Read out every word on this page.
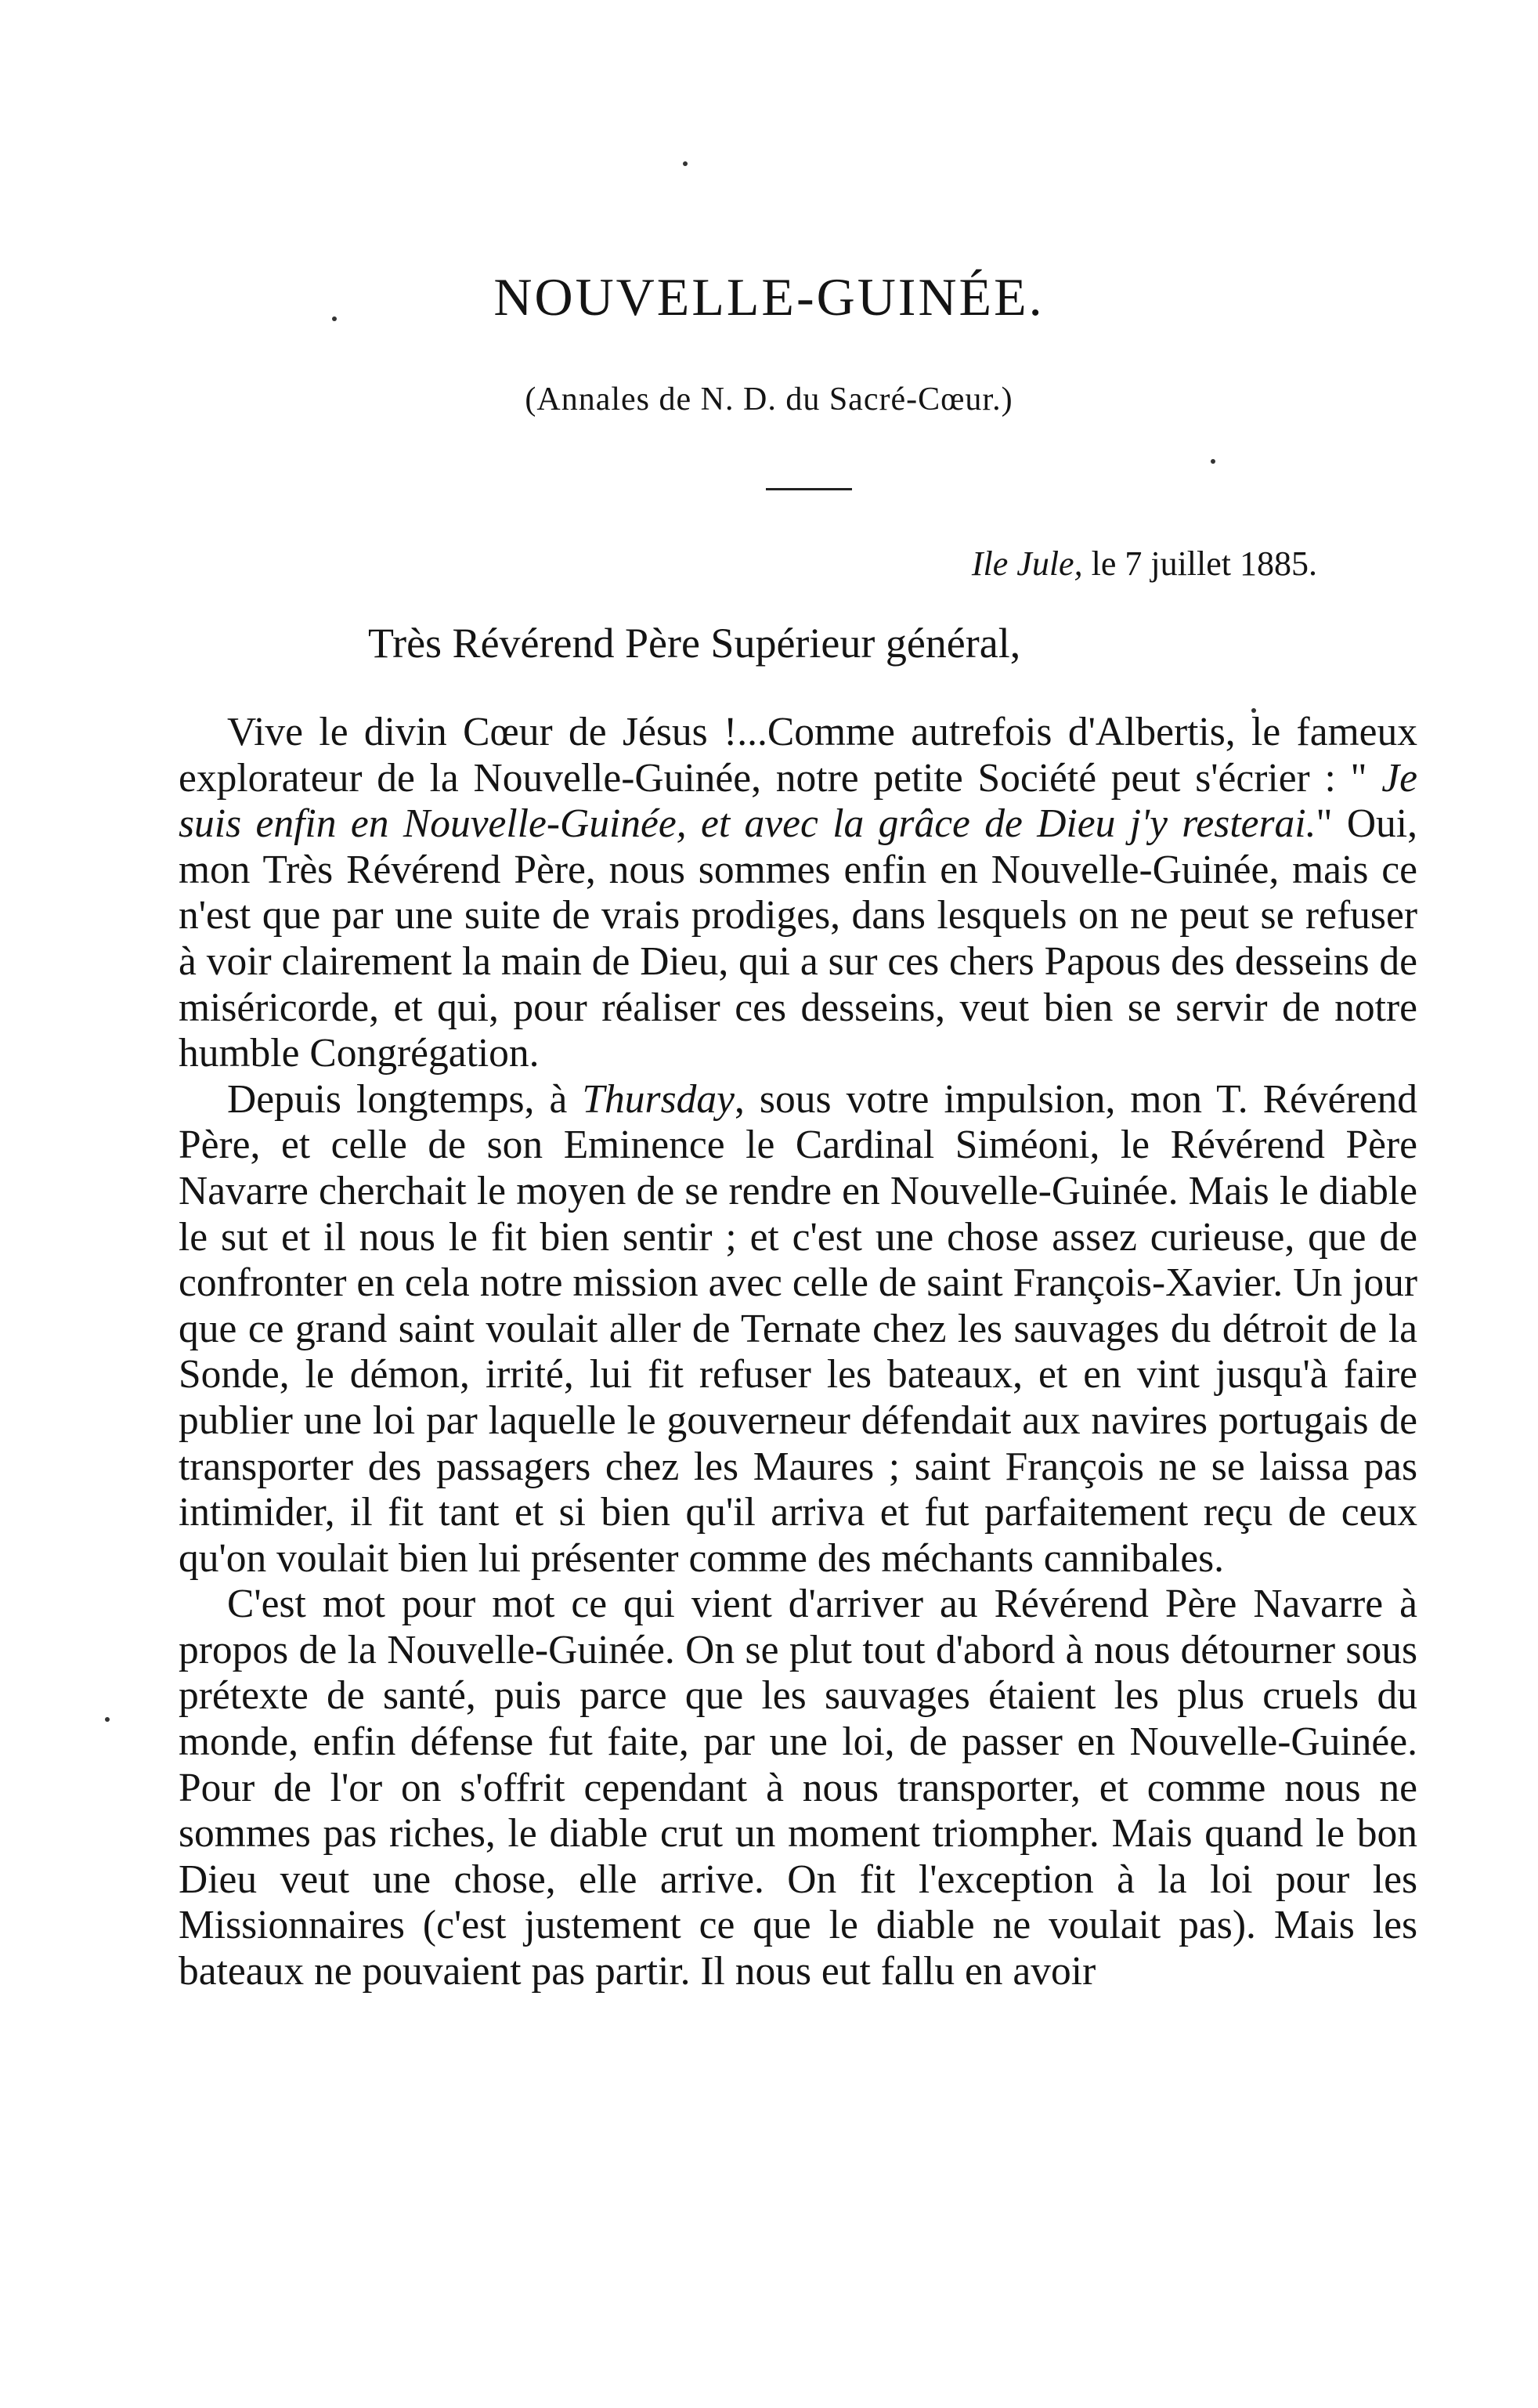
NOUVELLE-GUINÉE.
(Annales de N. D. du Sacré-Cœur.)
Ile Jule, le 7 juillet 1885.
Très Révérend Père Supérieur général,

Vive le divin Cœur de Jésus !...Comme autrefois d'Albertis, le fameux explorateur de la Nouvelle-Guinée, notre petite Société peut s'écrier : " Je suis enfin en Nouvelle-Guinée, et avec la grâce de Dieu j'y resterai." Oui, mon Très Révérend Père, nous sommes enfin en Nouvelle-Guinée, mais ce n'est que par une suite de vrais prodiges, dans lesquels on ne peut se refuser à voir clairement la main de Dieu, qui a sur ces chers Papous des desseins de miséricorde, et qui, pour réaliser ces desseins, veut bien se servir de notre humble Congrégation.

Depuis longtemps, à Thursday, sous votre impulsion, mon T. Révérend Père, et celle de son Eminence le Cardinal Siméoni, le Révérend Père Navarre cherchait le moyen de se rendre en Nouvelle-Guinée. Mais le diable le sut et il nous le fit bien sentir ; et c'est une chose assez curieuse, que de confronter en cela notre mission avec celle de saint François-Xavier. Un jour que ce grand saint voulait aller de Ternate chez les sauvages du détroit de la Sonde, le démon, irrité, lui fit refuser les bateaux, et en vint jusqu'à faire publier une loi par laquelle le gouverneur défendait aux navires portugais de transporter des passagers chez les Maures ; saint François ne se laissa pas intimider, il fit tant et si bien qu'il arriva et fut parfaitement reçu de ceux qu'on voulait bien lui présenter comme des méchants cannibales.

C'est mot pour mot ce qui vient d'arriver au Révérend Père Navarre à propos de la Nouvelle-Guinée. On se plut tout d'abord à nous détourner sous prétexte de santé, puis parce que les sauvages étaient les plus cruels du monde, enfin défense fut faite, par une loi, de passer en Nouvelle-Guinée. Pour de l'or on s'offrit cependant à nous transporter, et comme nous ne sommes pas riches, le diable crut un moment triompher. Mais quand le bon Dieu veut une chose, elle arrive. On fit l'exception à la loi pour les Missionnaires (c'est justement ce que le diable ne voulait pas). Mais les bateaux ne pouvaient pas partir. Il nous eut fallu en avoir
